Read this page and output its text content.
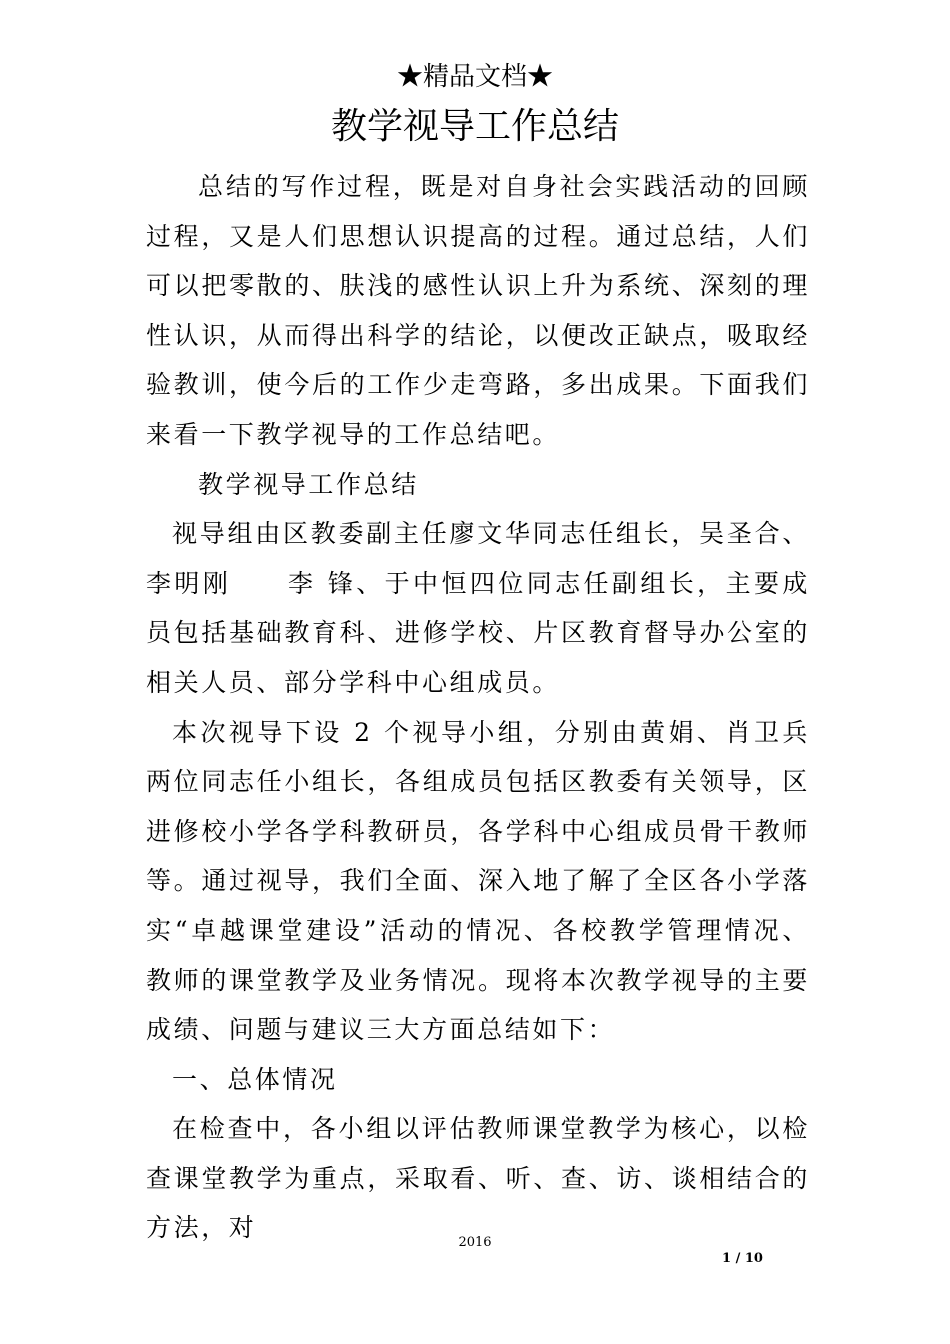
★精品文档★
教学视导工作总结

总结的写作过程，既是对自身社会实践活动的回顾过程，又是人们思想认识提高的过程。通过总结，人们可以把零散的、肤浅的感性认识上升为系统、深刻的理性认识，从而得出科学的结论，以便改正缺点，吸取经验教训，使今后的工作少走弯路，多出成果。下面我们来看一下教学视导的工作总结吧。

教学视导工作总结

视导组由区教委副主任廖文华同志任组长，吴圣合、李明刚　　李 锋、于中恒四位同志任副组长，主要成员包括基础教育科、进修学校、片区教育督导办公室的相关人员、部分学科中心组成员。

本次视导下设 2 个视导小组，分别由黄娟、肖卫兵两位同志任小组长，各组成员包括区教委有关领导，区进修校小学各学科教研员，各学科中心组成员骨干教师等。通过视导，我们全面、深入地了解了全区各小学落实“卓越课堂建设”活动的情况、各校教学管理情况、教师的课堂教学及业务情况。现将本次教学视导的主要成绩、问题与建议三大方面总结如下：

一、总体情况

在检查中，各小组以评估教师课堂教学为核心，以检查课堂教学为重点，采取看、听、查、访、谈相结合的方法，对

2016
1 / 10
